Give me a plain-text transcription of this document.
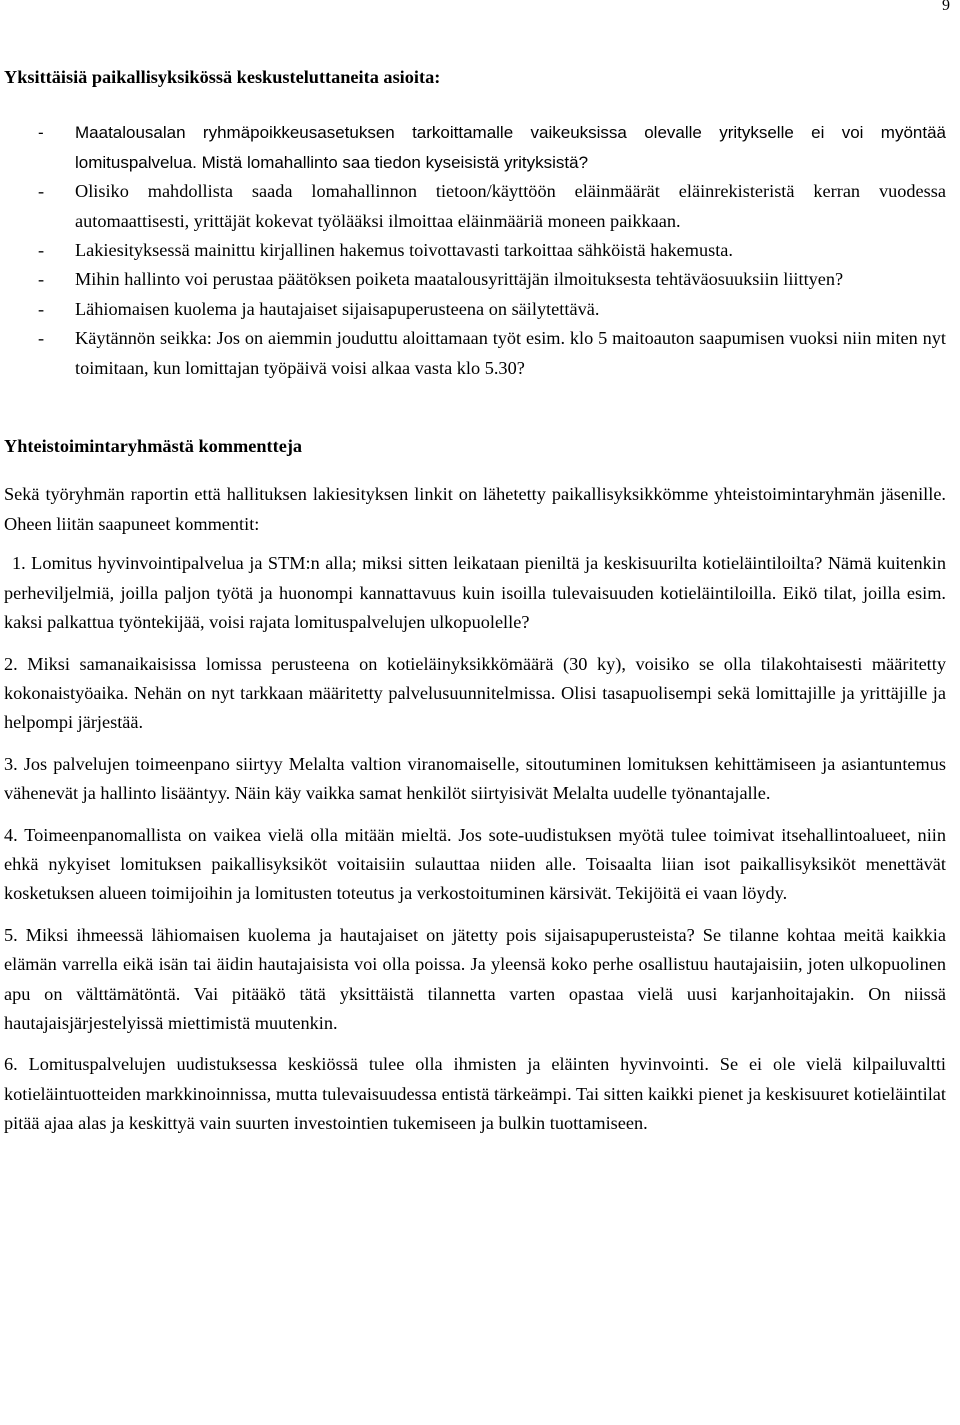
9
Yksittäisiä paikallisyksikössä keskusteluttaneita asioita:
- Maatalousalan ryhmäpoikkeusasetuksen tarkoittamalle vaikeuksissa olevalle yritykselle ei voi myöntää lomituspalvelua. Mistä lomahallinto saa tiedon kyseisistä yrityksistä?
- Olisiko mahdollista saada lomahallinnon tietoon/käyttöön eläinmäärät eläinrekisteristä kerran vuodessa automaattisesti, yrittäjät kokevat työlääksi ilmoittaa eläinmääriä moneen paikkaan.
- Lakiesityksessä mainittu kirjallinen hakemus toivottavasti tarkoittaa sähköistä hakemusta.
- Mihin hallinto voi perustaa päätöksen poiketa maatalousyrittäjän ilmoituksesta tehtäväosuuksiin liittyen?
- Lähiomaisen kuolema ja hautajaiset sijaisapuperusteena on säilytettävä.
- Käytännön seikka: Jos on aiemmin jouduttu aloittamaan työt esim. klo 5 maitoauton saapumisen vuoksi niin miten nyt toimitaan, kun lomittajan työpäivä voisi alkaa vasta klo 5.30?
Yhteistoimintaryhmästä kommentteja

Sekä työryhmän raportin että hallituksen lakiesityksen linkit on lähetetty paikallisyksikkömme yhteistoimintaryhmän jäsenille. Oheen liitän saapuneet kommentit:

1. Lomitus hyvinvointipalvelua ja STM:n alla; miksi sitten leikataan pieniltä ja keskisuurilta kotieläintiloilta? Nämä kuitenkin perheviljelmiä, joilla paljon työtä ja huonompi kannattavuus kuin isoilla tulevaisuuden kotieläintiloilla. Eikö tilat, joilla esim. kaksi palkattua työntekijää, voisi rajata lomituspalvelujen ulkopuolelle?

2. Miksi samanaikaisissa lomissa perusteena on kotieläinyksikkömäärä (30 ky), voisiko se olla tilakohtaisesti määritetty kokonaistyöaika. Nehän on nyt tarkkaan määritetty palvelusuunnitelmissa. Olisi tasapuolisempi sekä lomittajille ja yrittäjille ja helpompi järjestää.

3. Jos palvelujen toimeenpano siirtyy Melalta valtion viranomaiselle, sitoutuminen lomituksen kehittämiseen ja asiantuntemus vähenevät ja hallinto lisääntyy. Näin käy vaikka samat henkilöt siirtyisivät Melalta uudelle työnantajalle.

4. Toimeenpanomallista on vaikea vielä olla mitään mieltä. Jos sote-uudistuksen myötä tulee toimivat itsehallintoalueet, niin ehkä nykyiset lomituksen paikallisyksiköt voitaisiin sulauttaa niiden alle. Toisaalta liian isot paikallisyksiköt menettävät kosketuksen alueen toimijoihin ja lomitusten toteutus ja verkostoituminen kärsivät. Tekijöitä ei vaan löydy.

5. Miksi ihmeessä lähiomaisen kuolema ja hautajaiset on jätetty pois sijaisapuperusteista? Se tilanne kohtaa meitä kaikkia elämän varrella eikä isän tai äidin hautajaisista voi olla poissa. Ja yleensä koko perhe osallistuu hautajaisiin, joten ulkopuolinen apu on välttämätöntä. Vai pitääkö tätä yksittäistä tilannetta varten opastaa vielä uusi karjanhoitajakin. On niissä hautajaisjärjestelyissä miettimistä muutenkin.

6. Lomituspalvelujen uudistuksessa keskiössä tulee olla ihmisten ja eläinten hyvinvointi. Se ei ole vielä kilpailuvaltti kotieläintuotteiden markkinoinnissa, mutta tulevaisuudessa entistä tärkeämpi. Tai sitten kaikki pienet ja keskisuuret kotieläintilat pitää ajaa alas ja keskittyä vain suurten investointien tukemiseen ja bulkin tuottamiseen.
